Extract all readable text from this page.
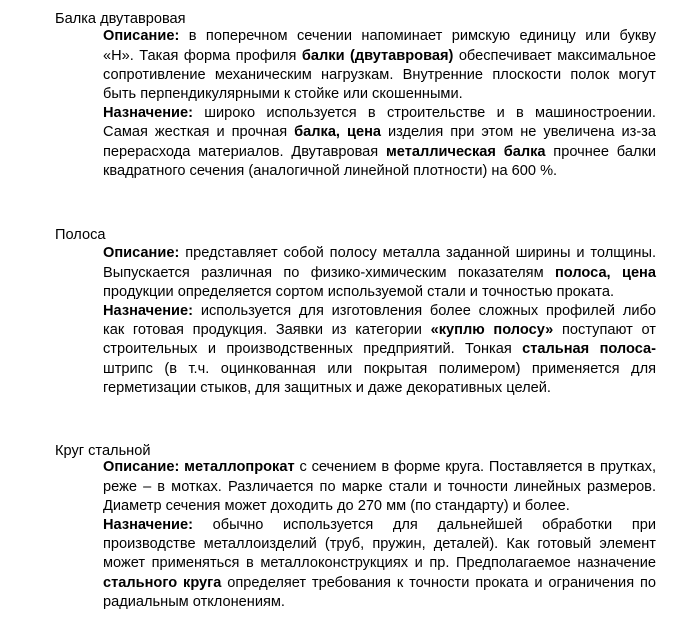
Балка двутавровая
Описание: в поперечном сечении напоминает римскую единицу или букву
«Н». Такая форма профиля балки (двутавровая) обеспечивает максимальное
сопротивление механическим нагрузкам. Внутренние плоскости полок могут
быть перпендикулярными к стойке или скошенными.
Назначение: широко используется в строительстве и в машиностроении.
Самая жесткая и прочная балка, цена изделия при этом не увеличена из-за
перерасхода материалов. Двутавровая металлическая балка прочнее балки
квадратного сечения (аналогичной линейной плотности) на 600 %.
Полоса
Описание: представляет собой полосу металла заданной ширины и толщины.
Выпускается различная по физико-химическим показателям полоса, цена
продукции определяется сортом используемой стали и точностью проката.
Назначение: используется для изготовления более сложных профилей либо
как готовая продукция. Заявки из категории «куплю полосу» поступают от
строительных и производственных предприятий. Тонкая стальная полоса-
штрипс (в т.ч. оцинкованная или покрытая полимером) применяется для
герметизации стыков, для защитных и даже декоративных целей.
Круг стальной
Описание: металлопрокат с сечением в форме круга. Поставляется в прутках,
реже – в мотках. Различается по марке стали и точности линейных размеров.
Диаметр сечения может доходить до 270 мм (по стандарту) и более.
Назначение: обычно используется для дальнейшей обработки при
производстве металлоизделий (труб, пружин, деталей). Как готовый элемент
может применяться в металлоконструкциях и пр. Предполагаемое назначение
стального круга определяет требования к точности проката и ограничения по
радиальным отклонениям.
